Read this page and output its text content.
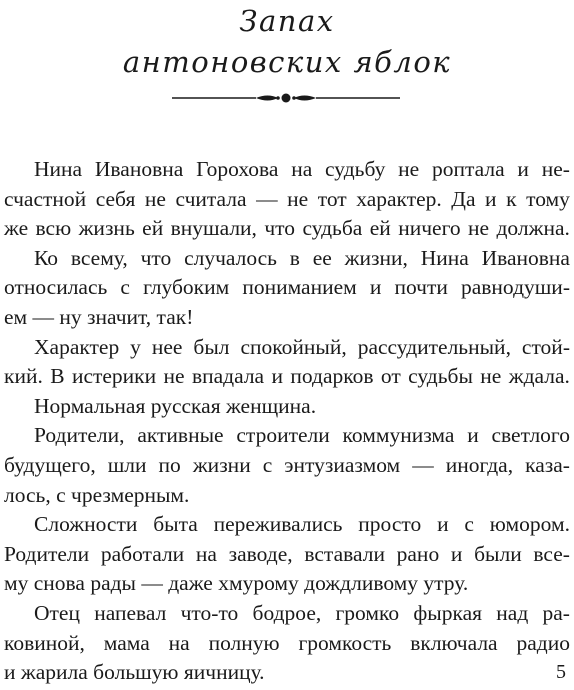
Запах
антоновских яблок
Нина Ивановна Горохова на судьбу не роптала и не-
счастной себя не считала — не тот характер. Да и к тому
же всю жизнь ей внушали, что судьба ей ничего не должна.
Ко всему, что случалось в ее жизни, Нина Ивановна
относилась с глубоким пониманием и почти равнодуши-
ем — ну значит, так!
Характер у нее был спокойный, рассудительный, стой-
кий. В истерики не впадала и подарков от судьбы не ждала.
Нормальная русская женщина.
Родители, активные строители коммунизма и светлого
будущего, шли по жизни с энтузиазмом — иногда, каза-
лось, с чрезмерным.
Сложности быта переживались просто и с юмором.
Родители работали на заводе, вставали рано и были все-
му снова рады — даже хмурому дождливому утру.
Отец напевал что-то бодрое, громко фыркая над ра-
ковиной, мама на полную громкость включала радио
и жарила большую яичницу.	5
